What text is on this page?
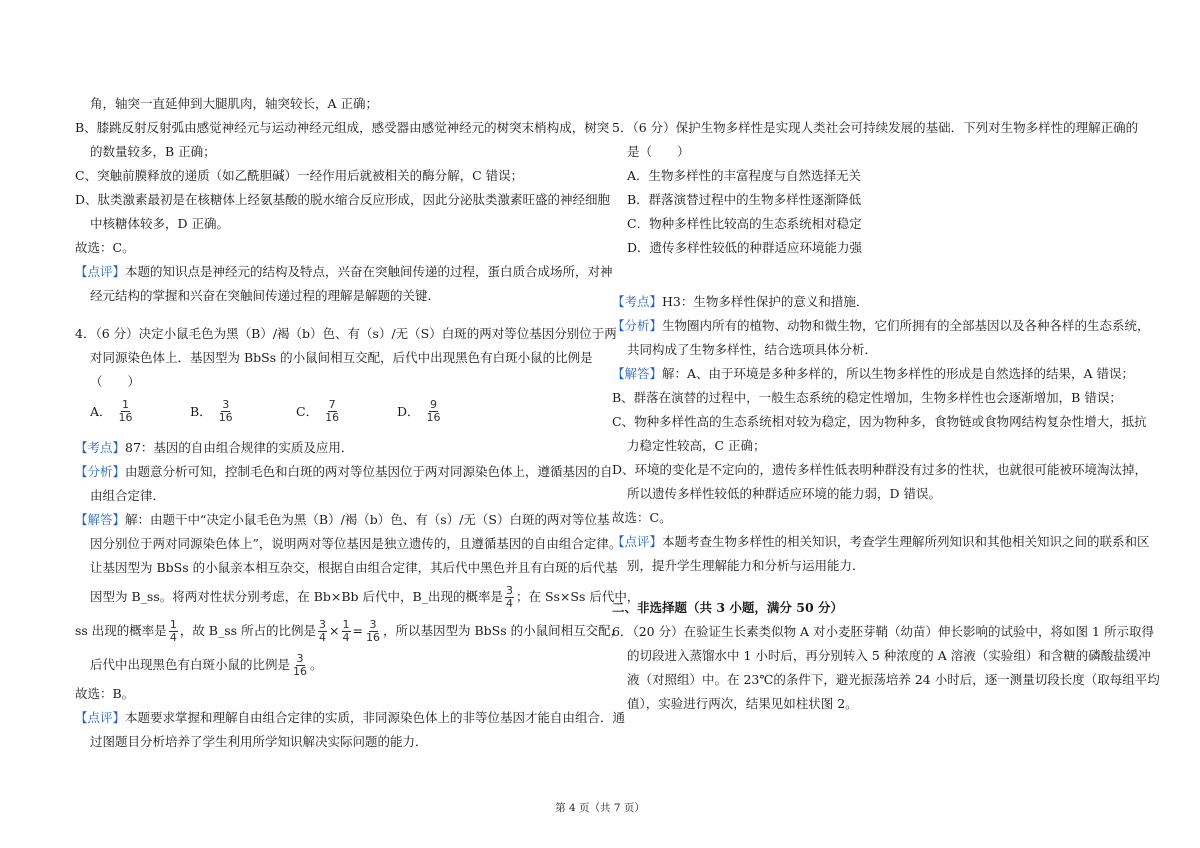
角，轴突一直延伸到大腿肌肉，轴突较长，A 正确；
B、膝跳反射反射弧由感觉神经元与运动神经元组成，感受器由感觉神经元的树突末梢构成，树突
的数量较多，B 正确；
C、突触前膜释放的递质（如乙酰胆碱）一经作用后就被相关的酶分解，C 错误；
D、肽类激素最初是在核糖体上经氨基酸的脱水缩合反应形成，因此分泌肽类激素旺盛的神经细胞
中核糖体较多，D 正确。
故选：C。
【点评】本题的知识点是神经元的结构及特点，兴奋在突触间传递的过程，蛋白质合成场所，对神
经元结构的掌握和兴奋在突触间传递过程的理解是解题的关键．
4．（6 分）决定小鼠毛色为黑（B）/褐（b）色、有（s）/无（S）白斑的两对等位基因分别位于两
对同源染色体上．基因型为 BbSs 的小鼠间相互交配，后代中出现黑色有白斑小鼠的比例是
（　　）
A． $\frac{1}{16}$	B． $\frac{3}{16}$	C． $\frac{7}{16}$	D． $\frac{9}{16}$
【考点】87：基因的自由组合规律的实质及应用．
【分析】由题意分析可知，控制毛色和白斑的两对等位基因位于两对同源染色体上，遵循基因的自
由组合定律．
【解答】解：由题干中“决定小鼠毛色为黑（B）/褐（b）色、有（s）/无（S）白斑的两对等位基
因分别位于两对同源染色体上”，说明两对等位基因是独立遗传的，且遵循基因的自由组合定律。
让基因型为 BbSs 的小鼠亲本相互杂交，根据自由组合定律，其后代中黑色并且有白斑的后代基
因型为 B_ss。将两对性状分别考虑，在 Bb×Bb 后代中，B_出现的概率是 $\frac{3}{4}$ ；在 Ss×Ss 后代中，
ss 出现的概率是 $\frac{1}{4}$ ，故 B_ss 所占的比例是 $\frac{3}{4} \times \frac{1}{4} = \frac{3}{16}$ ，所以基因型为 BbSs 的小鼠间相互交配，
后代中出现黑色有白斑小鼠的比例是 $\frac{3}{16}$ 。
故选：B。
【点评】本题要求掌握和理解自由组合定律的实质，非同源染色体上的非等位基因才能自由组合．通
过图题目分析培养了学生利用所学知识解决实际问题的能力．
5．（6 分）保护生物多样性是实现人类社会可持续发展的基础．下列对生物多样性的理解正确的
是（　　）
A．生物多样性的丰富程度与自然选择无关
B．群落演替过程中的生物多样性逐渐降低
C．物种多样性比较高的生态系统相对稳定
D．遗传多样性较低的种群适应环境能力强
【考点】H3：生物多样性保护的意义和措施．
【分析】生物圈内所有的植物、动物和微生物，它们所拥有的全部基因以及各种各样的生态系统，
共同构成了生物多样性，结合选项具体分析．
【解答】解：A、由于环境是多种多样的，所以生物多样性的形成是自然选择的结果，A 错误；
B、群落在演替的过程中，一般生态系统的稳定性增加，生物多样性也会逐渐增加，B 错误；
C、物种多样性高的生态系统相对较为稳定，因为物种多，食物链或食物网结构复杂性增大，抵抗
力稳定性较高，C 正确；
D、环境的变化是不定向的，遗传多样性低表明种群没有过多的性状，也就很可能被环境淘汰掉，
所以遗传多样性较低的种群适应环境的能力弱，D 错误。
故选：C。
【点评】本题考查生物多样性的相关知识，考查学生理解所列知识和其他相关知识之间的联系和区
别，提升学生理解能力和分析与运用能力．
二、非选择题（共 3 小题，满分 50 分）
6．（20 分）在验证生长素类似物 A 对小麦胚芽鞘（幼苗）伸长影响的试验中，将如图 1 所示取得
的切段进入蒸馏水中 1 小时后，再分别转入 5 种浓度的 A 溶液（实验组）和含糖的磷酸盐缓冲
液（对照组）中。在 23℃的条件下，避光振荡培养 24 小时后，逐一测量切段长度（取每组平均
值），实验进行两次，结果见如柱状图 2。
第 4 页（共 7 页）
